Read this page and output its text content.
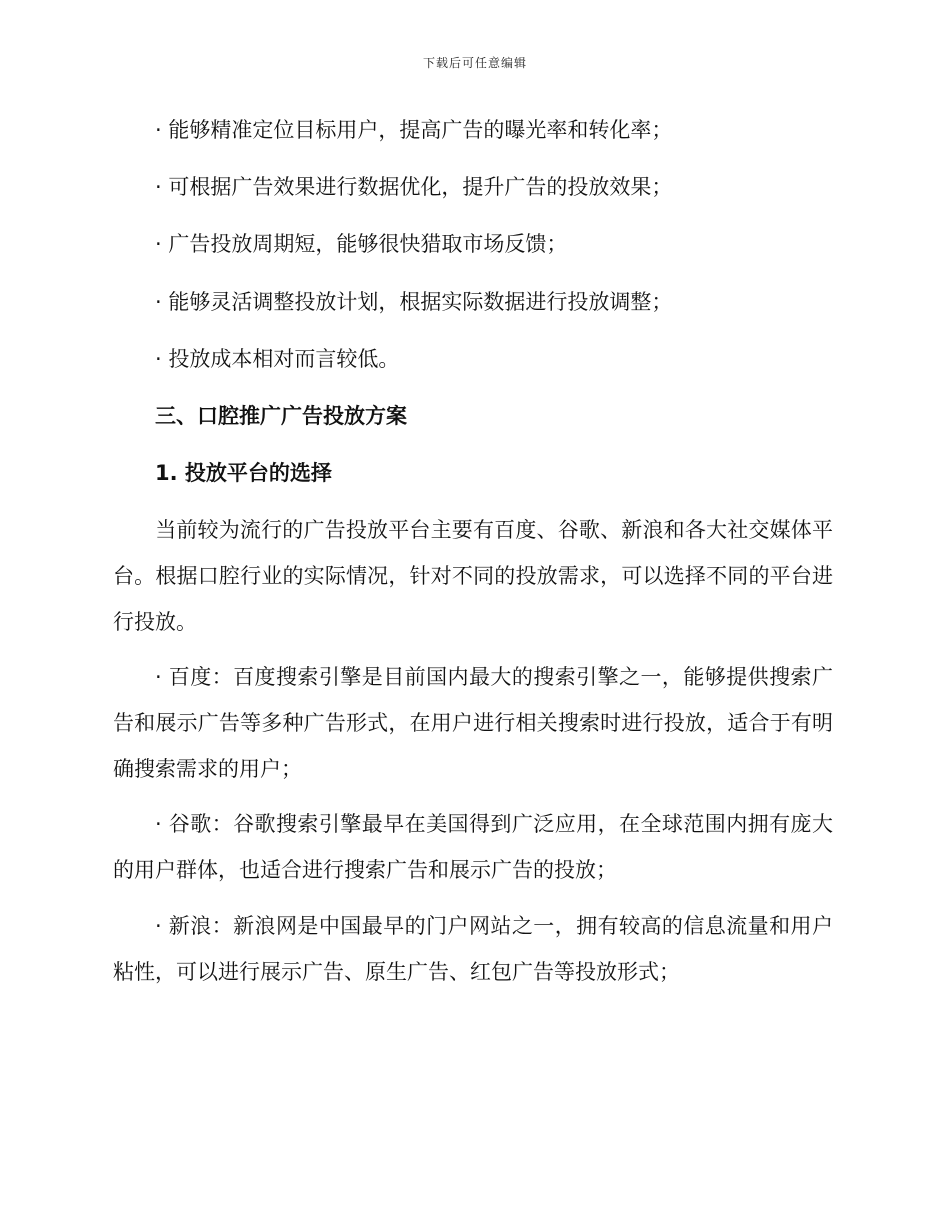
下载后可任意编辑
· 能够精准定位目标用户，提高广告的曝光率和转化率；
· 可根据广告效果进行数据优化，提升广告的投放效果；
· 广告投放周期短，能够很快猎取市场反馈；
· 能够灵活调整投放计划，根据实际数据进行投放调整；
· 投放成本相对而言较低。
三、口腔推广广告投放方案
1. 投放平台的选择
当前较为流行的广告投放平台主要有百度、谷歌、新浪和各大社交媒体平台。根据口腔行业的实际情况，针对不同的投放需求，可以选择不同的平台进行投放。
· 百度：百度搜索引擎是目前国内最大的搜索引擎之一，能够提供搜索广告和展示广告等多种广告形式，在用户进行相关搜索时进行投放，适合于有明确搜索需求的用户；
· 谷歌：谷歌搜索引擎最早在美国得到广泛应用，在全球范围内拥有庞大的用户群体，也适合进行搜索广告和展示广告的投放；
· 新浪：新浪网是中国最早的门户网站之一，拥有较高的信息流量和用户粘性，可以进行展示广告、原生广告、红包广告等投放形式；
